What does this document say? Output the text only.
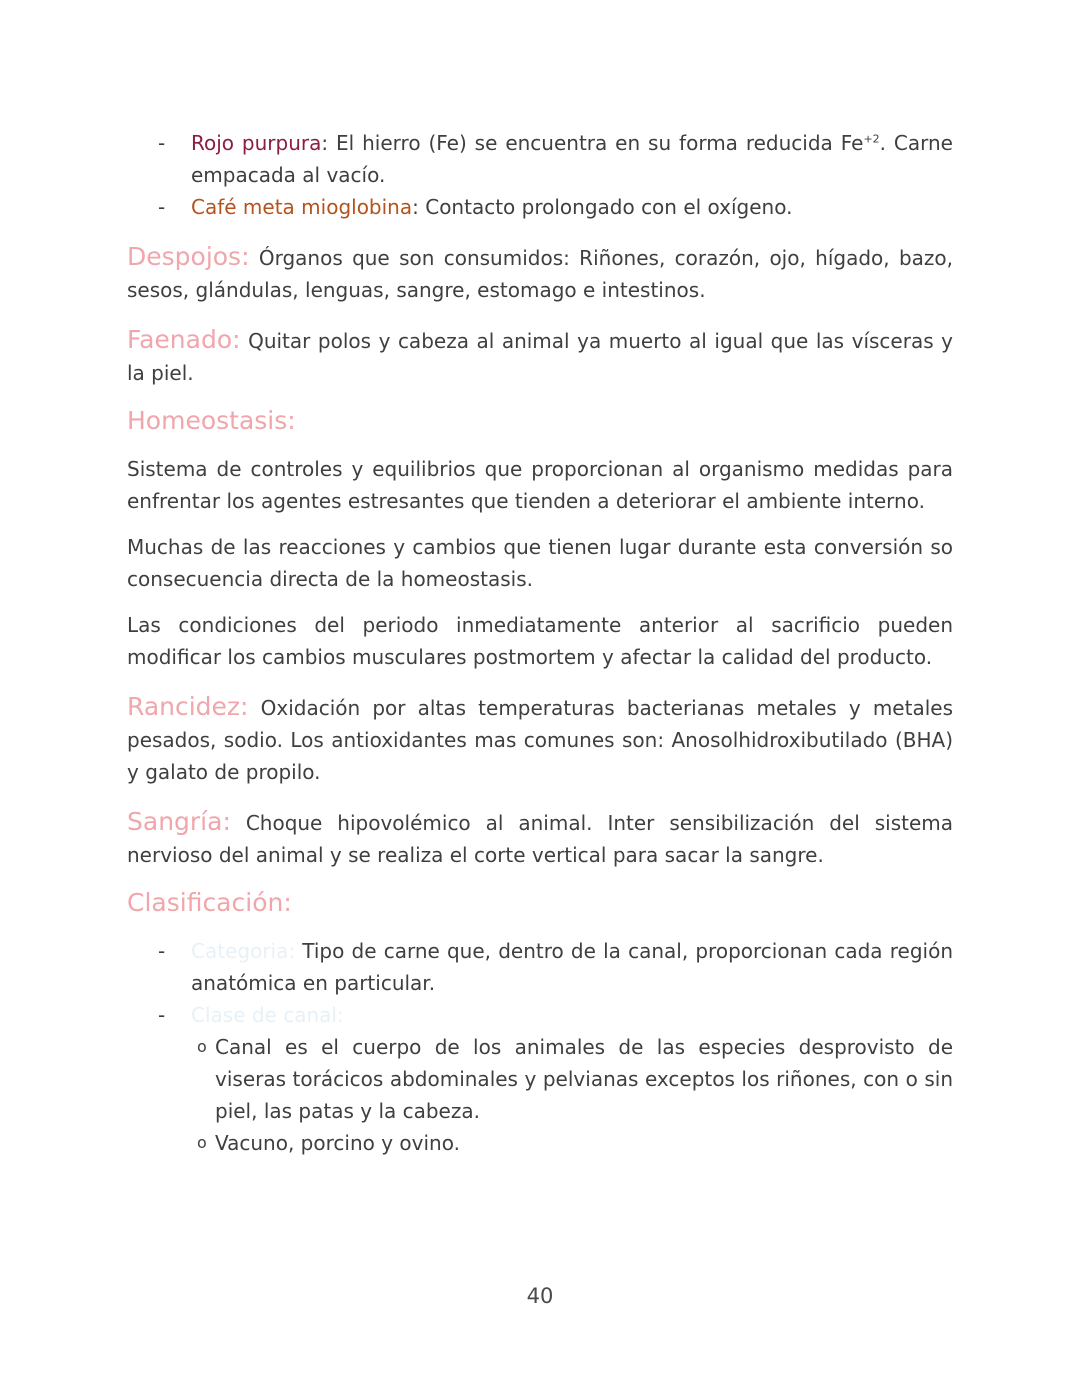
- Rojo purpura: El hierro (Fe) se encuentra en su forma reducida $Fe^{+2}$. Carne empacada al vacío.
- Café meta mioglobina: Contacto prolongado con el oxígeno.
Despojos: Órganos que son consumidos: Riñones, corazón, ojo, hígado, bazo, sesos, glándulas, lenguas, sangre, estomago e intestinos.
Faenado: Quitar polos y cabeza al animal ya muerto al igual que las vísceras y la piel.
Homeostasis:
Sistema de controles y equilibrios que proporcionan al organismo medidas para enfrentar los agentes estresantes que tienden a deteriorar el ambiente interno.
Muchas de las reacciones y cambios que tienen lugar durante esta conversión so consecuencia directa de la homeostasis.
Las condiciones del periodo inmediatamente anterior al sacrificio pueden modificar los cambios musculares postmortem y afectar la calidad del producto.
Rancidez: Oxidación por altas temperaturas bacterianas metales y metales pesados, sodio. Los antioxidantes mas comunes son: Anosolhidroxibutilado (BHA) y galato de propilo.
Sangría: Choque hipovolémico al animal. Inter sensibilización del sistema nervioso del animal y se realiza el corte vertical para sacar la sangre.
Clasificación:
- Categoria: Tipo de carne que, dentro de la canal, proporcionan cada región anatómica en particular.
- Clase de canal:
o Canal es el cuerpo de los animales de las especies desprovisto de viseras torácicos abdominales y pelvianas exceptos los riñones, con o sin piel, las patas y la cabeza.
o Vacuno, porcino y ovino.
40
